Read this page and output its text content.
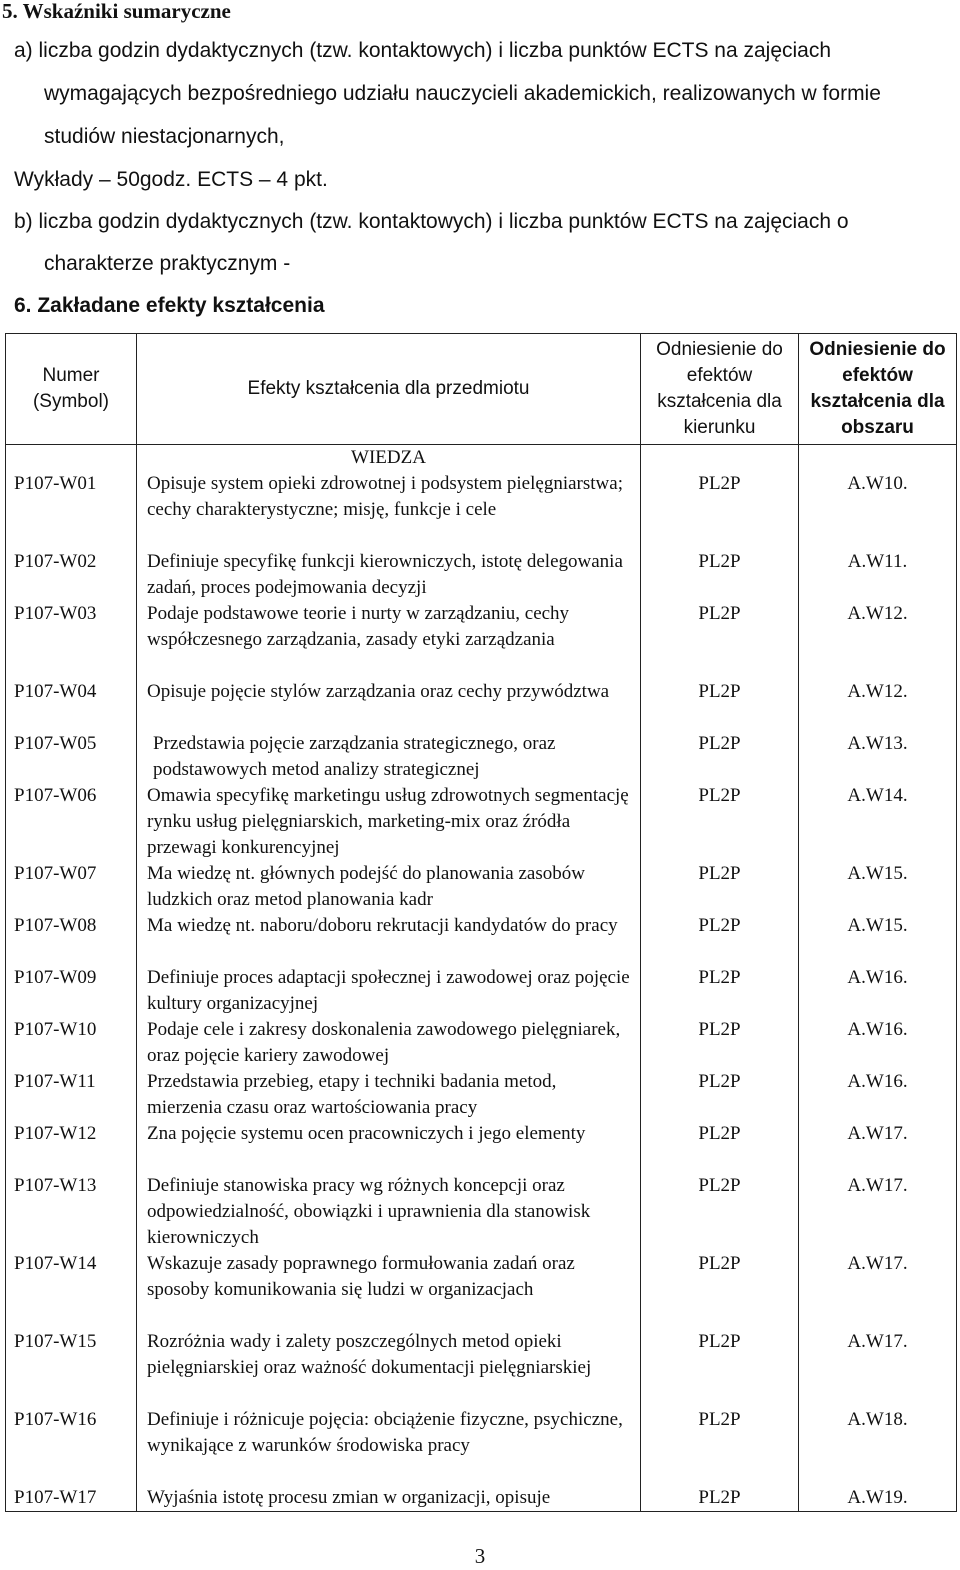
5. Wskaźniki sumaryczne
a) liczba godzin dydaktycznych (tzw. kontaktowych) i liczba punktów ECTS na zajęciach
wymagających bezpośredniego udziału nauczycieli akademickich, realizowanych w formie
studiów niestacjonarnych,
Wykłady – 50godz. ECTS – 4 pkt.
b) liczba godzin dydaktycznych (tzw. kontaktowych) i liczba punktów ECTS na zajęciach o
charakterze praktycznym -
6. Zakładane efekty kształcenia
Numer (Symbol)	Efekty kształcenia dla przedmiotu	Odniesienie do efektów kształcenia dla kierunku	Odniesienie do efektów kształcenia dla obszaru
	WIEDZA		
P107-W01	Opisuje system opieki zdrowotnej i podsystem pielęgniarstwa; cechy charakterystyczne; misję, funkcje i cele	PL2P	A.W10.
P107-W02	Definiuje specyfikę funkcji kierowniczych, istotę delegowania zadań, proces podejmowania decyzji	PL2P	A.W11.
P107-W03	Podaje podstawowe teorie i nurty w zarządzaniu, cechy współczesnego zarządzania, zasady etyki zarządzania	PL2P	A.W12.
P107-W04	Opisuje pojęcie stylów zarządzania oraz cechy przywództwa	PL2P	A.W12.
P107-W05	Przedstawia pojęcie zarządzania strategicznego, oraz podstawowych metod analizy strategicznej	PL2P	A.W13.
P107-W06	Omawia specyfikę marketingu usług zdrowotnych segmentację rynku usług pielęgniarskich, marketing-mix oraz źródła przewagi konkurencyjnej	PL2P	A.W14.
P107-W07	Ma wiedzę nt. głównych podejść do planowania zasobów ludzkich oraz metod planowania kadr	PL2P	A.W15.
P107-W08	Ma wiedzę nt. naboru/doboru rekrutacji kandydatów do pracy	PL2P	A.W15.
P107-W09	Definiuje proces adaptacji społecznej i zawodowej oraz pojęcie kultury organizacyjnej	PL2P	A.W16.
P107-W10	Podaje cele i zakresy doskonalenia zawodowego pielęgniarek, oraz pojęcie kariery zawodowej	PL2P	A.W16.
P107-W11	Przedstawia przebieg, etapy i techniki badania metod, mierzenia czasu oraz wartościowania pracy	PL2P	A.W16.
P107-W12	Zna pojęcie systemu ocen pracowniczych i jego elementy	PL2P	A.W17.
P107-W13	Definiuje stanowiska pracy wg różnych koncepcji oraz odpowiedzialność, obowiązki i uprawnienia dla stanowisk kierowniczych	PL2P	A.W17.
P107-W14	Wskazuje zasady poprawnego formułowania zadań oraz sposoby komunikowania się ludzi w organizacjach	PL2P	A.W17.
P107-W15	Rozróżnia wady i zalety poszczególnych metod opieki pielęgniarskiej oraz ważność dokumentacji pielęgniarskiej	PL2P	A.W17.
P107-W16	Definiuje i różnicuje pojęcia: obciążenie fizyczne, psychiczne, wynikające z warunków środowiska pracy	PL2P	A.W18.
P107-W17	Wyjaśnia istotę procesu zmian w organizacji, opisuje	PL2P	A.W19.
3
